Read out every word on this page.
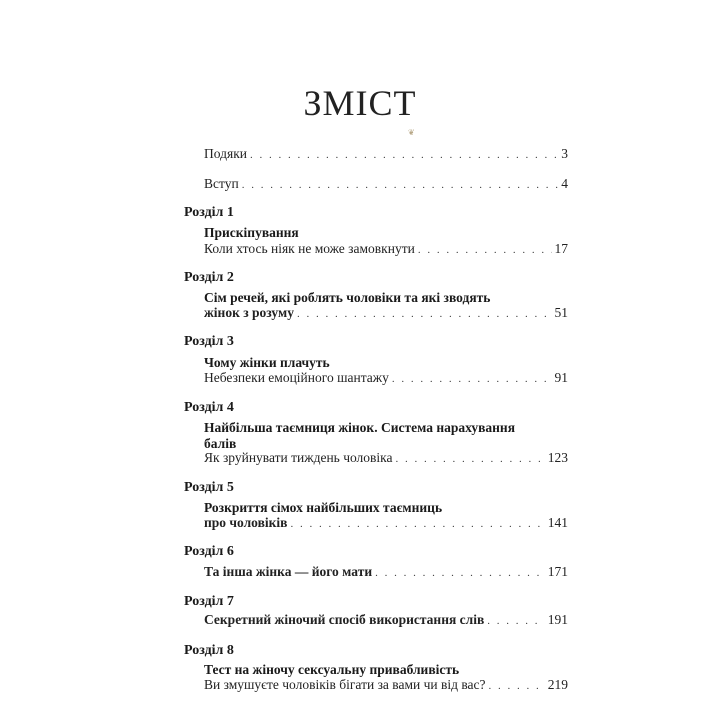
ЗМІСТ
❦
Подяки . . .	3
Вступ . . .	4
Розділ 1
Прискіпування
Коли хтось ніяк не може замовкнути . . .	17
Розділ 2
Сім речей, які роблять чоловіки та які зводять
жінок з розуму . . .	51
Розділ 3
Чому жінки плачуть
Небезпеки емоційного шантажу . . .	91
Розділ 4
Найбільша таємниця жінок. Система нарахування
балів
Як зруйнувати тиждень чоловіка . . .	123
Розділ 5
Розкриття сімох найбільших таємниць
про чоловіків . . .	141
Розділ 6
Та інша жінка — його мати . . .	171
Розділ 7
Секретний жіночий спосіб використання слів . . .	191
Розділ 8
Тест на жіночу сексуальну привабливість
Ви змушуєте чоловіків бігати за вами чи від вас? . . .	219
